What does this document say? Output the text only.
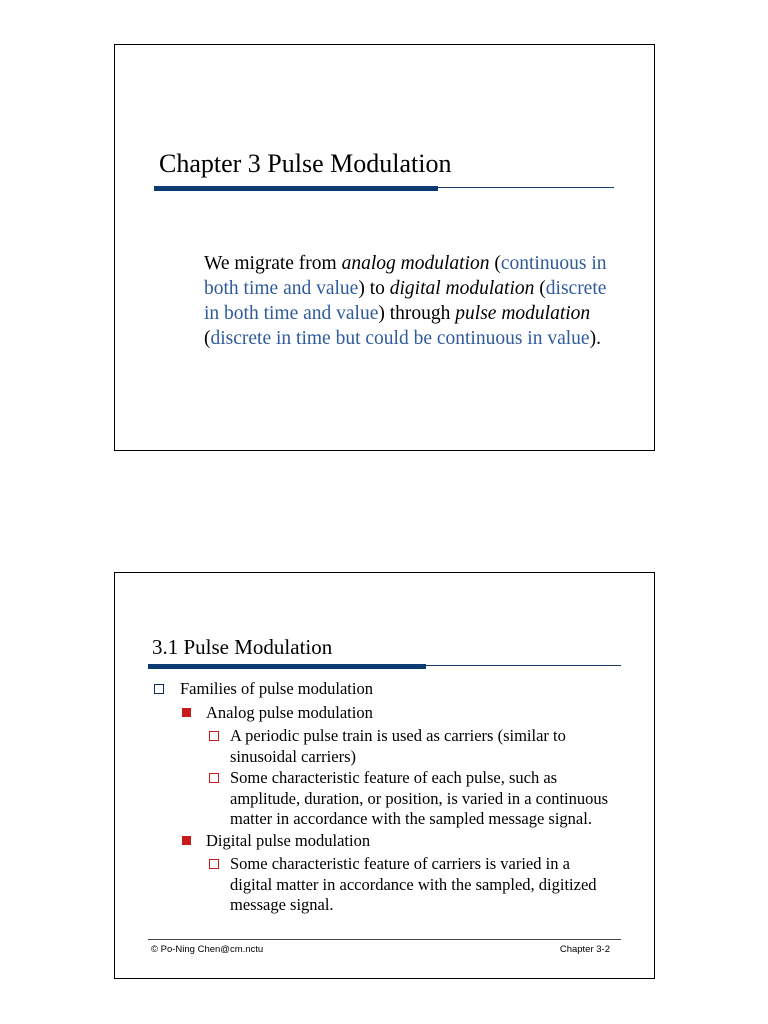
Chapter 3 Pulse Modulation
We migrate from analog modulation (continuous in both time and value) to digital modulation (discrete in both time and value) through pulse modulation (discrete in time but could be continuous in value).
3.1 Pulse Modulation
Families of pulse modulation
Analog pulse modulation
A periodic pulse train is used as carriers (similar to sinusoidal carriers)
Some characteristic feature of each pulse, such as amplitude, duration, or position, is varied in a continuous matter in accordance with the sampled message signal.
Digital pulse modulation
Some characteristic feature of carriers is varied in a digital matter in accordance with the sampled, digitized message signal.
© Po-Ning Chen@cm.nctu	Chapter 3-2
